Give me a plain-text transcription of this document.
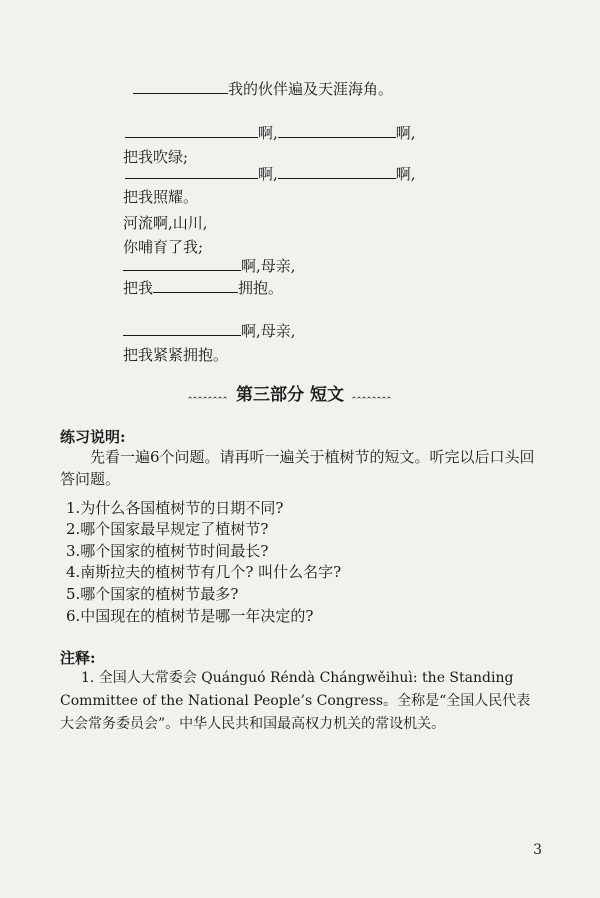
我的伙伴遍及天涯海角。
啊,	啊,
把我吹绿;
啊,	啊,
把我照耀。
河流啊,山川,
你哺育了我;
啊,母亲,
把我	拥抱。
啊,母亲,
把我紧紧拥抱。
ꞈꞈꞈꞈꞈꞈꞈꞈ 第三部分 短文 ꞈꞈꞈꞈꞈꞈꞈꞈ
练习说明:
先看一遍6个问题。请再听一遍关于植树节的短文。听完以后口头回答问题。
1.为什么各国植树节的日期不同?
2.哪个国家最早规定了植树节?
3.哪个国家的植树节时间最长?
4.南斯拉夫的植树节有几个? 叫什么名字?
5.哪个国家的植树节最多?
6.中国现在的植树节是哪一年决定的?
注释:
1. 全国人大常委会 Quánguó Réndà Chángwěihuì: the Standing Committee of the National People’s Congress。全称是“全国人民代表大会常务委员会”。中华人民共和国最高权力机关的常设机关。
3
